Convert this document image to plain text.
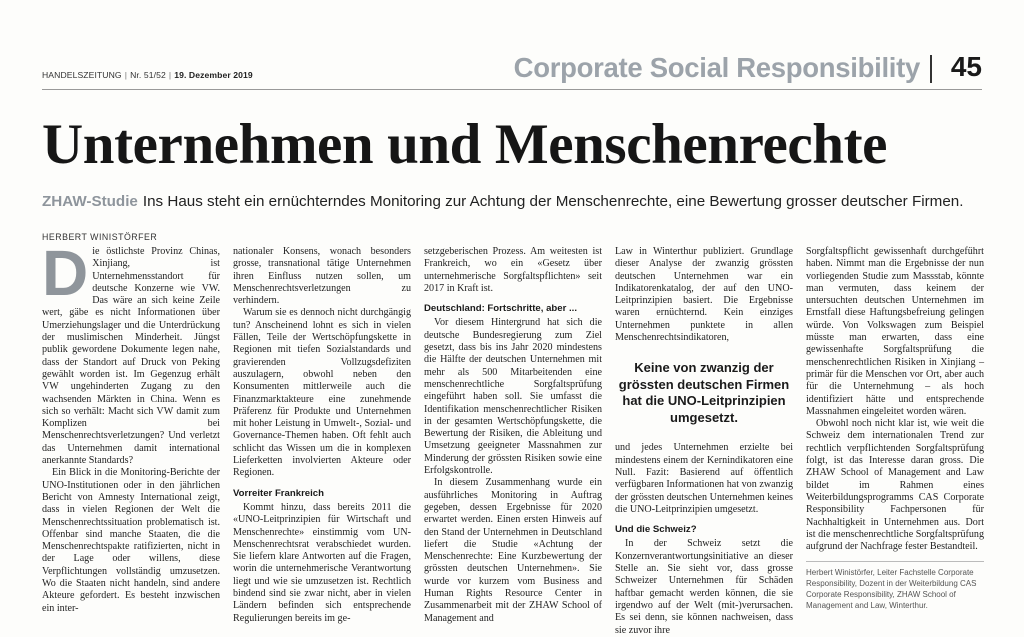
HANDELSZEITUNG | Nr. 51/52 | 19. Dezember 2019	Corporate Social Responsibility 45
Unternehmen und Menschenrechte
ZHAW-Studie Ins Haus steht ein ernüchterndes Monitoring zur Achtung der Menschenrechte, eine Bewertung grosser deutscher Firmen.
HERBERT WINISTÖRFER
D ie östlichste Provinz Chinas, Xinjiang, ist Unternehmensstandort für deutsche Konzerne wie VW. Das wäre an sich keine Zeile wert, gäbe es nicht Informationen über Umerziehungslager und die Unterdrückung der muslimischen Minderheit. Jüngst publik gewordene Dokumente legen nahe, dass der Standort auf Druck von Peking gewählt worden ist. Im Gegenzug erhält VW ungehinderten Zugang zu den wachsenden Märkten in China. Wenn es sich so verhält: Macht sich VW damit zum Komplizen bei Menschenrechtsverletzungen? Und verletzt das Unternehmen damit international anerkannte Standards?

Ein Blick in die Monitoring-Berichte der UNO-Institutionen oder in den jährlichen Bericht von Amnesty International zeigt, dass in vielen Regionen der Welt die Menschenrechtssituation problematisch ist. Offenbar sind manche Staaten, die die Menschenrechtspakte ratifizierten, nicht in der Lage oder willens, diese Verpflichtungen vollständig umzusetzen. Wo die Staaten nicht handeln, sind andere Akteure gefordert. Es besteht inzwischen ein inter-

nationaler Konsens, wonach besonders grosse, transnational tätige Unternehmen ihren Einfluss nutzen sollen, um Menschenrechtsverletzungen zu verhindern.

Warum sie es dennoch nicht durchgängig tun? Anscheinend lohnt es sich in vielen Fällen, Teile der Wertschöpfungskette in Regionen mit tiefen Sozialstandards und gravierenden Vollzugsdefiziten auszulagern, obwohl neben den Konsumenten mittlerweile auch die Finanzmarktakteure eine zunehmende Präferenz für Produkte und Unternehmen mit hoher Leistung in Umwelt-, Sozial- und Governance-Themen haben. Oft fehlt auch schlicht das Wissen um die in komplexen Lieferketten involvierten Akteure oder Regionen.

Vorreiter Frankreich

Kommt hinzu, dass bereits 2011 die «UNO-Leitprinzipien für Wirtschaft und Menschenrechte» einstimmig vom UN-Menschenrechtsrat verabschiedet wurden. Sie liefern klare Antworten auf die Fragen, worin die unternehmerische Verantwortung liegt und wie sie umzusetzen ist. Rechtlich bindend sind sie zwar nicht, aber in vielen Ländern befinden sich entsprechende Regulierungen bereits im ge-

setzgeberischen Prozess. Am weitesten ist Frankreich, wo ein «Gesetz über unternehmerische Sorgfaltspflichten» seit 2017 in Kraft ist.

Deutschland: Fortschritte, aber ...

Vor diesem Hintergrund hat sich die deutsche Bundesregierung zum Ziel gesetzt, dass bis ins Jahr 2020 mindestens die Hälfte der deutschen Unternehmen mit mehr als 500 Mitarbeitenden eine menschenrechtliche Sorgfaltsprüfung eingeführt haben soll. Sie umfasst die Identifikation menschenrechtlicher Risiken in der gesamten Wertschöpfungskette, die Bewertung der Risiken, die Ableitung und Umsetzung geeigneter Massnahmen zur Minderung der grössten Risiken sowie eine Erfolgskontrolle.

In diesem Zusammenhang wurde ein ausführliches Monitoring in Auftrag gegeben, dessen Ergebnisse für 2020 erwartet werden. Einen ersten Hinweis auf den Stand der Unternehmen in Deutschland liefert die Studie «Achtung der Menschenrechte: Eine Kurzbewertung der grössten deutschen Unternehmen». Sie wurde vor kurzem vom Business and Human Rights Resource Center in Zusammenarbeit mit der ZHAW School of Management and

Law in Winterthur publiziert. Grundlage dieser Analyse der zwanzig grössten deutschen Unternehmen war ein Indikatorenkatalog, der auf den UNO-Leitprinzipien basiert. Die Ergebnisse waren ernüchternd. Kein einziges Unternehmen punktete in allen Menschenrechtsindikatoren,

Keine von zwanzig der grössten deutschen Firmen hat die UNO-Leitprinzipien umgesetzt.

und jedes Unternehmen erzielte bei mindestens einem der Kernindikatoren eine Null. Fazit: Basierend auf öffentlich verfügbaren Informationen hat von zwanzig der grössten deutschen Unternehmen keines die UNO-Leitprinzipien umgesetzt.

Und die Schweiz?

In der Schweiz setzt die Konzernverantwortungsinitiative an dieser Stelle an. Sie sieht vor, dass grosse Schweizer Unternehmen für Schäden haftbar gemacht werden können, die sie irgendwo auf der Welt (mit-)verursachen. Es sei denn, sie können nachweisen, dass sie zuvor ihre

Sorgfaltspflicht gewissenhaft durchgeführt haben. Nimmt man die Ergebnisse der nun vorliegenden Studie zum Massstab, könnte man vermuten, dass keinem der untersuchten deutschen Unternehmen im Ernstfall diese Haftungsbefreiung gelingen würde. Von Volkswagen zum Beispiel müsste man erwarten, dass eine gewissenhafte Sorgfaltsprüfung die menschenrechtlichen Risiken in Xinjiang – primär für die Menschen vor Ort, aber auch für die Unternehmung – als hoch identifiziert hätte und entsprechende Massnahmen eingeleitet worden wären.

Obwohl noch nicht klar ist, wie weit die Schweiz dem internationalen Trend zur rechtlich verpflichtenden Sorgfaltsprüfung folgt, ist das Interesse daran gross. Die ZHAW School of Management and Law bildet im Rahmen eines Weiterbildungsprogramms CAS Corporate Responsibility Fachpersonen für Nachhaltigkeit in Unternehmen aus. Dort ist die menschenrechtliche Sorgfaltsprüfung aufgrund der Nachfrage fester Bestandteil.

Herbert Winistörfer, Leiter Fachstelle Corporate Responsibility, Dozent in der Weiterbildung CAS Corporate Responsibility, ZHAW School of Management and Law, Winterthur.
